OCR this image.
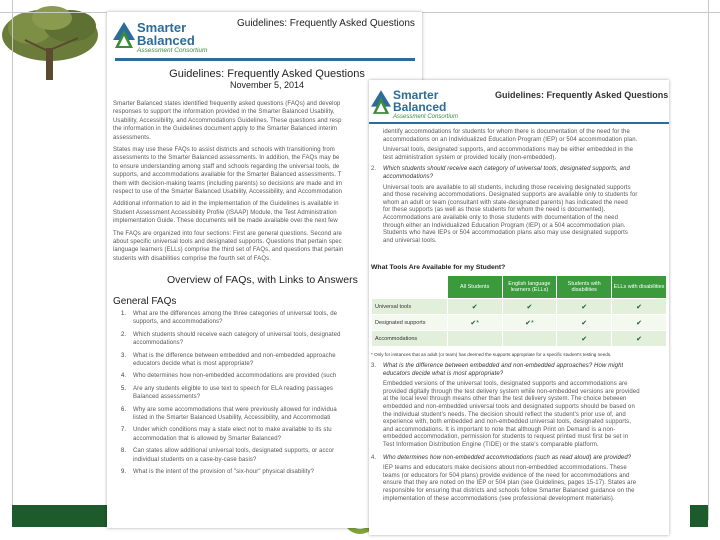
Smarter
Balanced
Assessment Consortium
Guidelines: Frequently Asked Questions
Guidelines: Frequently Asked Questions
November 5, 2014
Smarter Balanced states identified frequently asked questions (FAQs) and develop
responses to support the information provided in the Smarter Balanced Usability,
Usability, Accessibility, and Accommodations Guidelines. These questions and resp
the information in the Guidelines document apply to the Smarter Balanced interim
assessments.
States may use these FAQs to assist districts and schools with transitioning from
assessments to the Smarter Balanced assessments. In addition, the FAQs may be
to ensure understanding among staff and schools regarding the universal tools, de
supports, and accommodations available for the Smarter Balanced assessments. T
them with decision-making teams (including parents) so decisions are made and im
respect to use of the Smarter Balanced Usability, Accessibility, and Accommodation
Additional information to aid in the implementation of the Guidelines is available in
Student Assessment Accessibility Profile (ISAAP) Module, the Test Administration
implementation Guide. These documents will be made available over the next few
The FAQs are organized into four sections: First are general questions. Second are
about specific universal tools and designated supports. Questions that pertain spec
language learners (ELLs) comprise the third set of FAQs, and questions that pertain
students with disabilities comprise the fourth set of FAQs.
Overview of FAQs, with Links to Answers
General FAQs
1. What are the differences among the three categories of universal tools, de
supports, and accommodations?
2. Which students should receive each category of universal tools, designated
accommodations?
3. What is the difference between embedded and non-embedded approache
educators decide what is most appropriate?
4. Who determines how non-embedded accommodations are provided (such
5. Are any students eligible to use text to speech for ELA reading passages
Balanced assessments?
6. Why are some accommodations that were previously allowed for individua
listed in the Smarter Balanced Usability, Accessibility, and Accommodati
7. Under which conditions may a state elect not to make available to its stu
accommodation that is allowed by Smarter Balanced?
8. Can states allow additional universal tools, designated supports, or accor
individual students on a case-by-case basis?
9. What is the intent of the provision of "six-hour" physical disability?
Smarter
Balanced
Assessment Consortium
Guidelines: Frequently Asked Questions
identify accommodations for students for whom there is documentation of the need for the
accommodations on an Individualized Education Program (IEP) or 504 accommodation plan.
Universal tools, designated supports, and accommodations may be either embedded in the
test administration system or provided locally (non-embedded).
2. Which students should receive each category of universal tools, designated supports, and
accommodations?
Universal tools are available to all students, including those receiving designated supports
and those receiving accommodations. Designated supports are available only to students for
whom an adult or team (consultant with state-designated parents) has indicated the need
for these supports (as well as those students for whom the need is documented).
Accommodations are available only to those students with documentation of the need
through either an Individualized Education Program (IEP) or a 504 accommodation plan.
Students who have IEPs or 504 accommodation plans also may use designated supports
and universal tools.
What Tools Are Available for my Student?
	All Students	English language learners (ELLs)	Students with disabilities	ELLs with disabilities
Universal tools	✔	✔	✔	✔
Designated supports	✔*	✔*	✔	✔
Accommodations			✔	✔
* Only for instances that an adult (or team) has deemed the supports appropriate for a specific student's testing needs.
3. What is the difference between embedded and non-embedded approaches? How might
educators decide what is most appropriate?
Embedded versions of the universal tools, designated supports and accommodations are
provided digitally through the test delivery system while non-embedded versions are provided
at the local level through means other than the test delivery system. The choice between
embedded and non-embedded universal tools and designated supports should be based on
the individual student's needs. The decision should reflect the student's prior use of, and
experience with, both embedded and non-embedded universal tools, designated supports,
and accommodations. It is important to note that although Print on Demand is a non-
embedded accommodation, permission for students to request printed must first be set in
Test Information Distribution Engine (TIDE) or the state's comparable platform.
4. Who determines how non-embedded accommodations (such as read aloud) are provided?
IEP teams and educators make decisions about non-embedded accommodations. These
teams (or educators for 504 plans) provide evidence of the need for accommodations and
ensure that they are noted on the IEP or 504 plan (see Guidelines, pages 15-17). States are
responsible for ensuring that districts and schools follow Smarter Balanced guidance on the
implementation of these accommodations (see professional development materials).
